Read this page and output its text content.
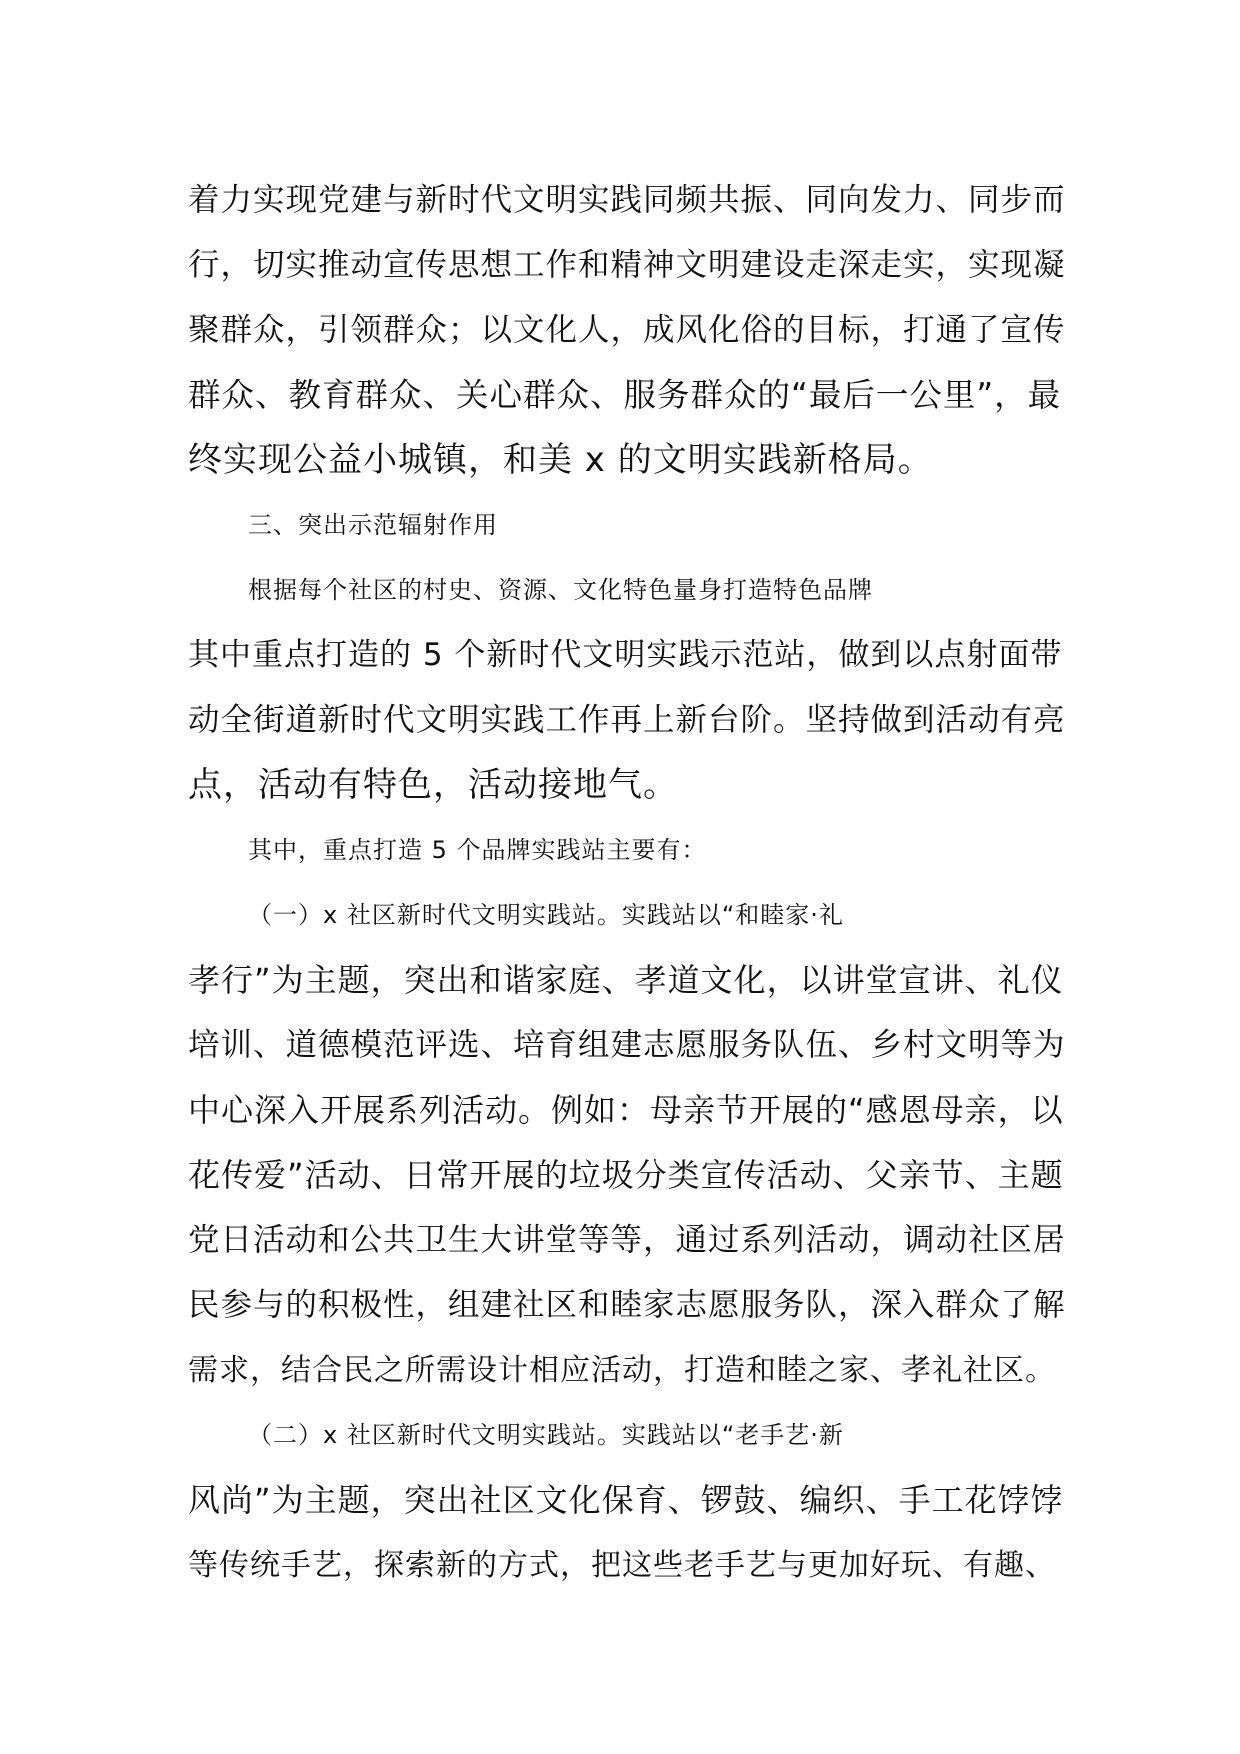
着力实现党建与新时代文明实践同频共振、同向发力、同步而
行，切实推动宣传思想工作和精神文明建设走深走实，实现凝
聚群众，引领群众；以文化人，成风化俗的目标，打通了宣传
群众、教育群众、关心群众、服务群众的“最后一公里”，最
终实现公益小城镇，和美 x 的文明实践新格局。
三、突出示范辐射作用
根据每个社区的村史、资源、文化特色量身打造特色品牌
其中重点打造的 5 个新时代文明实践示范站，做到以点射面带
动全街道新时代文明实践工作再上新台阶。坚持做到活动有亮
点，活动有特色，活动接地气。
其中，重点打造 5 个品牌实践站主要有：
（一）x 社区新时代文明实践站。实践站以“和睦家·礼
孝行”为主题，突出和谐家庭、孝道文化，以讲堂宣讲、礼仪
培训、道德模范评选、培育组建志愿服务队伍、乡村文明等为
中心深入开展系列活动。例如：母亲节开展的“感恩母亲，以
花传爱”活动、日常开展的垃圾分类宣传活动、父亲节、主题
党日活动和公共卫生大讲堂等等，通过系列活动，调动社区居
民参与的积极性，组建社区和睦家志愿服务队，深入群众了解
需求，结合民之所需设计相应活动，打造和睦之家、孝礼社区。
（二）x 社区新时代文明实践站。实践站以“老手艺·新
风尚”为主题，突出社区文化保育、锣鼓、编织、手工花饽饽
等传统手艺，探索新的方式，把这些老手艺与更加好玩、有趣、
